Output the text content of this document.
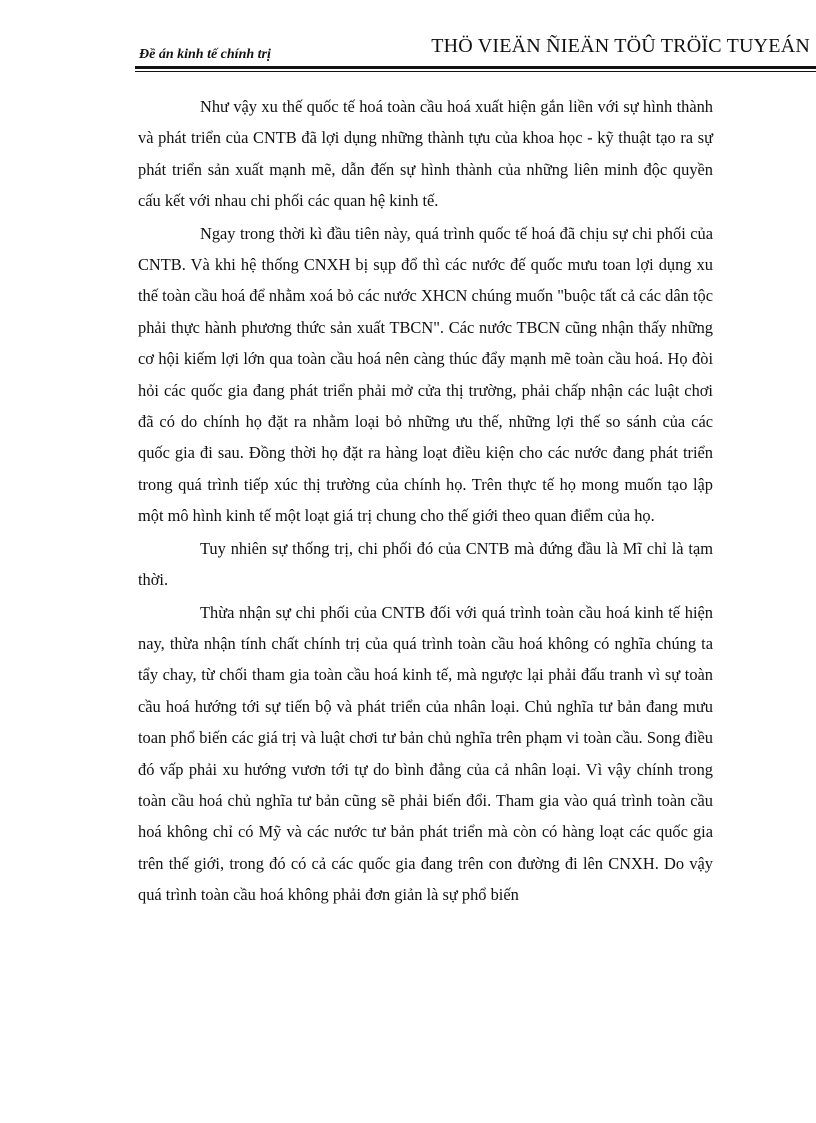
Đề án kinh tế chính trị	THÖ VIEÄN ÑIEÄN TÖÛ TRÖÏC TUYEÁN

Như vậy xu thế quốc tế hoá toàn cầu hoá xuất hiện gắn liền với sự hình thành và phát triển của CNTB đã lợi dụng những thành tựu của khoa học - kỹ thuật tạo ra sự phát triển sản xuất mạnh mẽ, dẫn đến sự hình thành của những liên minh độc quyền cấu kết với nhau chi phối các quan hệ kinh tế.

Ngay trong thời kì đầu tiên này, quá trình quốc tế hoá đã chịu sự chi phối của CNTB. Và khi hệ thống CNXH bị sụp đổ thì các nước đế quốc mưu toan lợi dụng xu thế toàn cầu hoá để nhằm xoá bỏ các nước XHCN chúng muốn "buộc tất cả các dân tộc phải thực hành phương thức sản xuất TBCN". Các nước TBCN cũng nhận thấy những cơ hội kiếm lợi lớn qua toàn cầu hoá nên càng thúc đẩy mạnh mẽ toàn cầu hoá. Họ đòi hỏi các quốc gia đang phát triển phải mở cửa thị trường, phải chấp nhận các luật chơi đã có do chính họ đặt ra nhằm loại bỏ những ưu thế, những lợi thế so sánh của các quốc gia đi sau. Đồng thời họ đặt ra hàng loạt điều kiện cho các nước đang phát triển trong quá trình tiếp xúc thị trường của chính họ. Trên thực tế họ mong muốn tạo lập một mô hình kinh tế một loạt giá trị chung cho thế giới theo quan điểm của họ.

Tuy nhiên sự thống trị, chi phối đó của CNTB mà đứng đầu là Mĩ chỉ là tạm thời.

Thừa nhận sự chi phối của CNTB đối với quá trình toàn cầu hoá kinh tế hiện nay, thừa nhận tính chất chính trị của quá trình toàn cầu hoá không có nghĩa chúng ta tẩy chay, từ chối tham gia toàn cầu hoá kinh tế, mà ngược lại phải đấu tranh vì sự toàn cầu hoá hướng tới sự tiến bộ và phát triển của nhân loại. Chủ nghĩa tư bản đang mưu toan phổ biến các giá trị và luật chơi tư bản chủ nghĩa trên phạm vi toàn cầu. Song điều đó vấp phải xu hướng vươn tới tự do bình đẳng của cả nhân loại. Vì vậy chính trong toàn cầu hoá chủ nghĩa tư bản cũng sẽ phải biến đổi. Tham gia vào quá trình toàn cầu hoá không chỉ có Mỹ và các nước tư bản phát triển mà còn có hàng loạt các quốc gia trên thế giới, trong đó có cả các quốc gia đang trên con đường đi lên CNXH. Do vậy quá trình toàn cầu hoá không phải đơn giản là sự phổ biến
